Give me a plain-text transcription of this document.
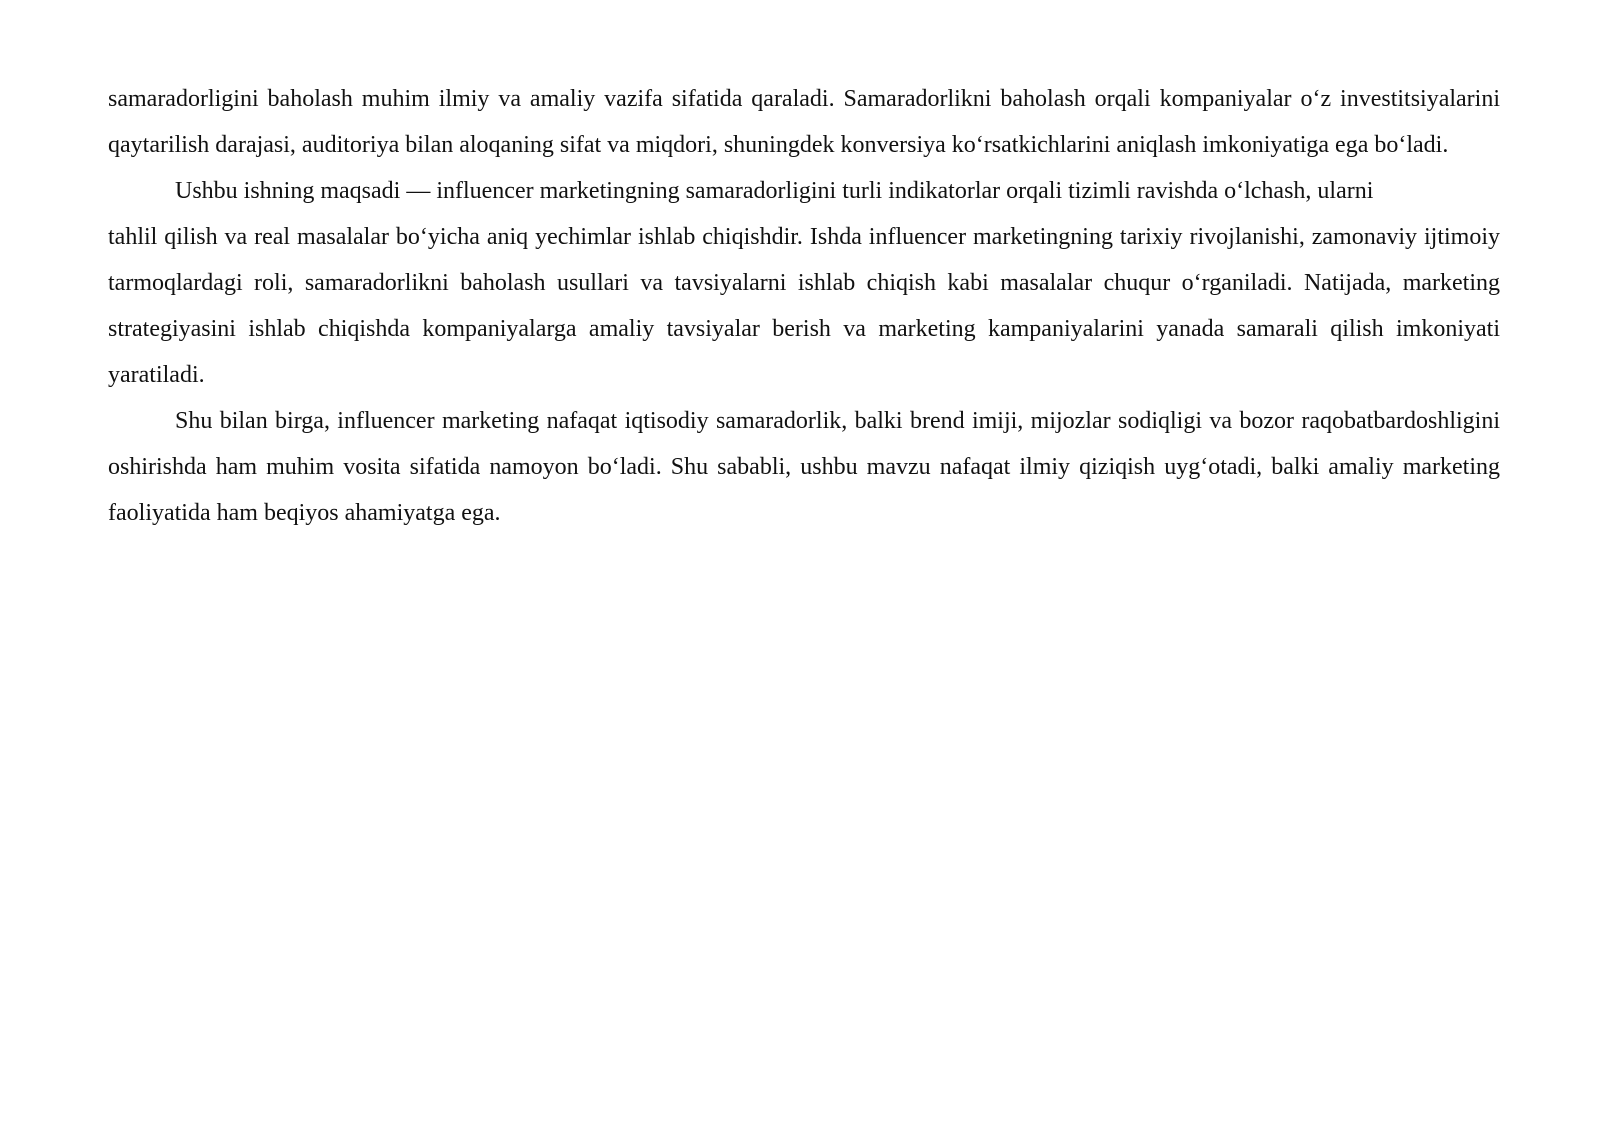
samaradorligini baholash muhim ilmiy va amaliy vazifa sifatida qaraladi. Samaradorlikni baholash orqali kompaniyalar o‘z investitsiyalarini qaytarilish darajasi, auditoriya bilan aloqaning sifat va miqdori, shuningdek konversiya ko‘rsatkichlarini aniqlash imkoniyatiga ega bo‘ladi.

Ushbu ishning maqsadi — influencer marketingning samaradorligini turli indikatorlar orqali tizimli ravishda o‘lchash, ularni

tahlil qilish va real masalalar bo‘yicha aniq yechimlar ishlab chiqishdir. Ishda influencer marketingning tarixiy rivojlanishi, zamonaviy ijtimoiy tarmoqlardagi roli, samaradorlikni baholash usullari va tavsiyalarni ishlab chiqish kabi masalalar chuqur o‘rganiladi. Natijada, marketing strategiyasini ishlab chiqishda kompaniyalarga amaliy tavsiyalar berish va marketing kampaniyalarini yanada samarali qilish imkoniyati yaratiladi.

Shu bilan birga, influencer marketing nafaqat iqtisodiy samaradorlik, balki brend imiji, mijozlar sodiqligi va bozor raqobatbardoshligini oshirishda ham muhim vosita sifatida namoyon bo‘ladi. Shu sababli, ushbu mavzu nafaqat ilmiy qiziqish uyg‘otadi, balki amaliy marketing faoliyatida ham beqiyos ahamiyatga ega.
